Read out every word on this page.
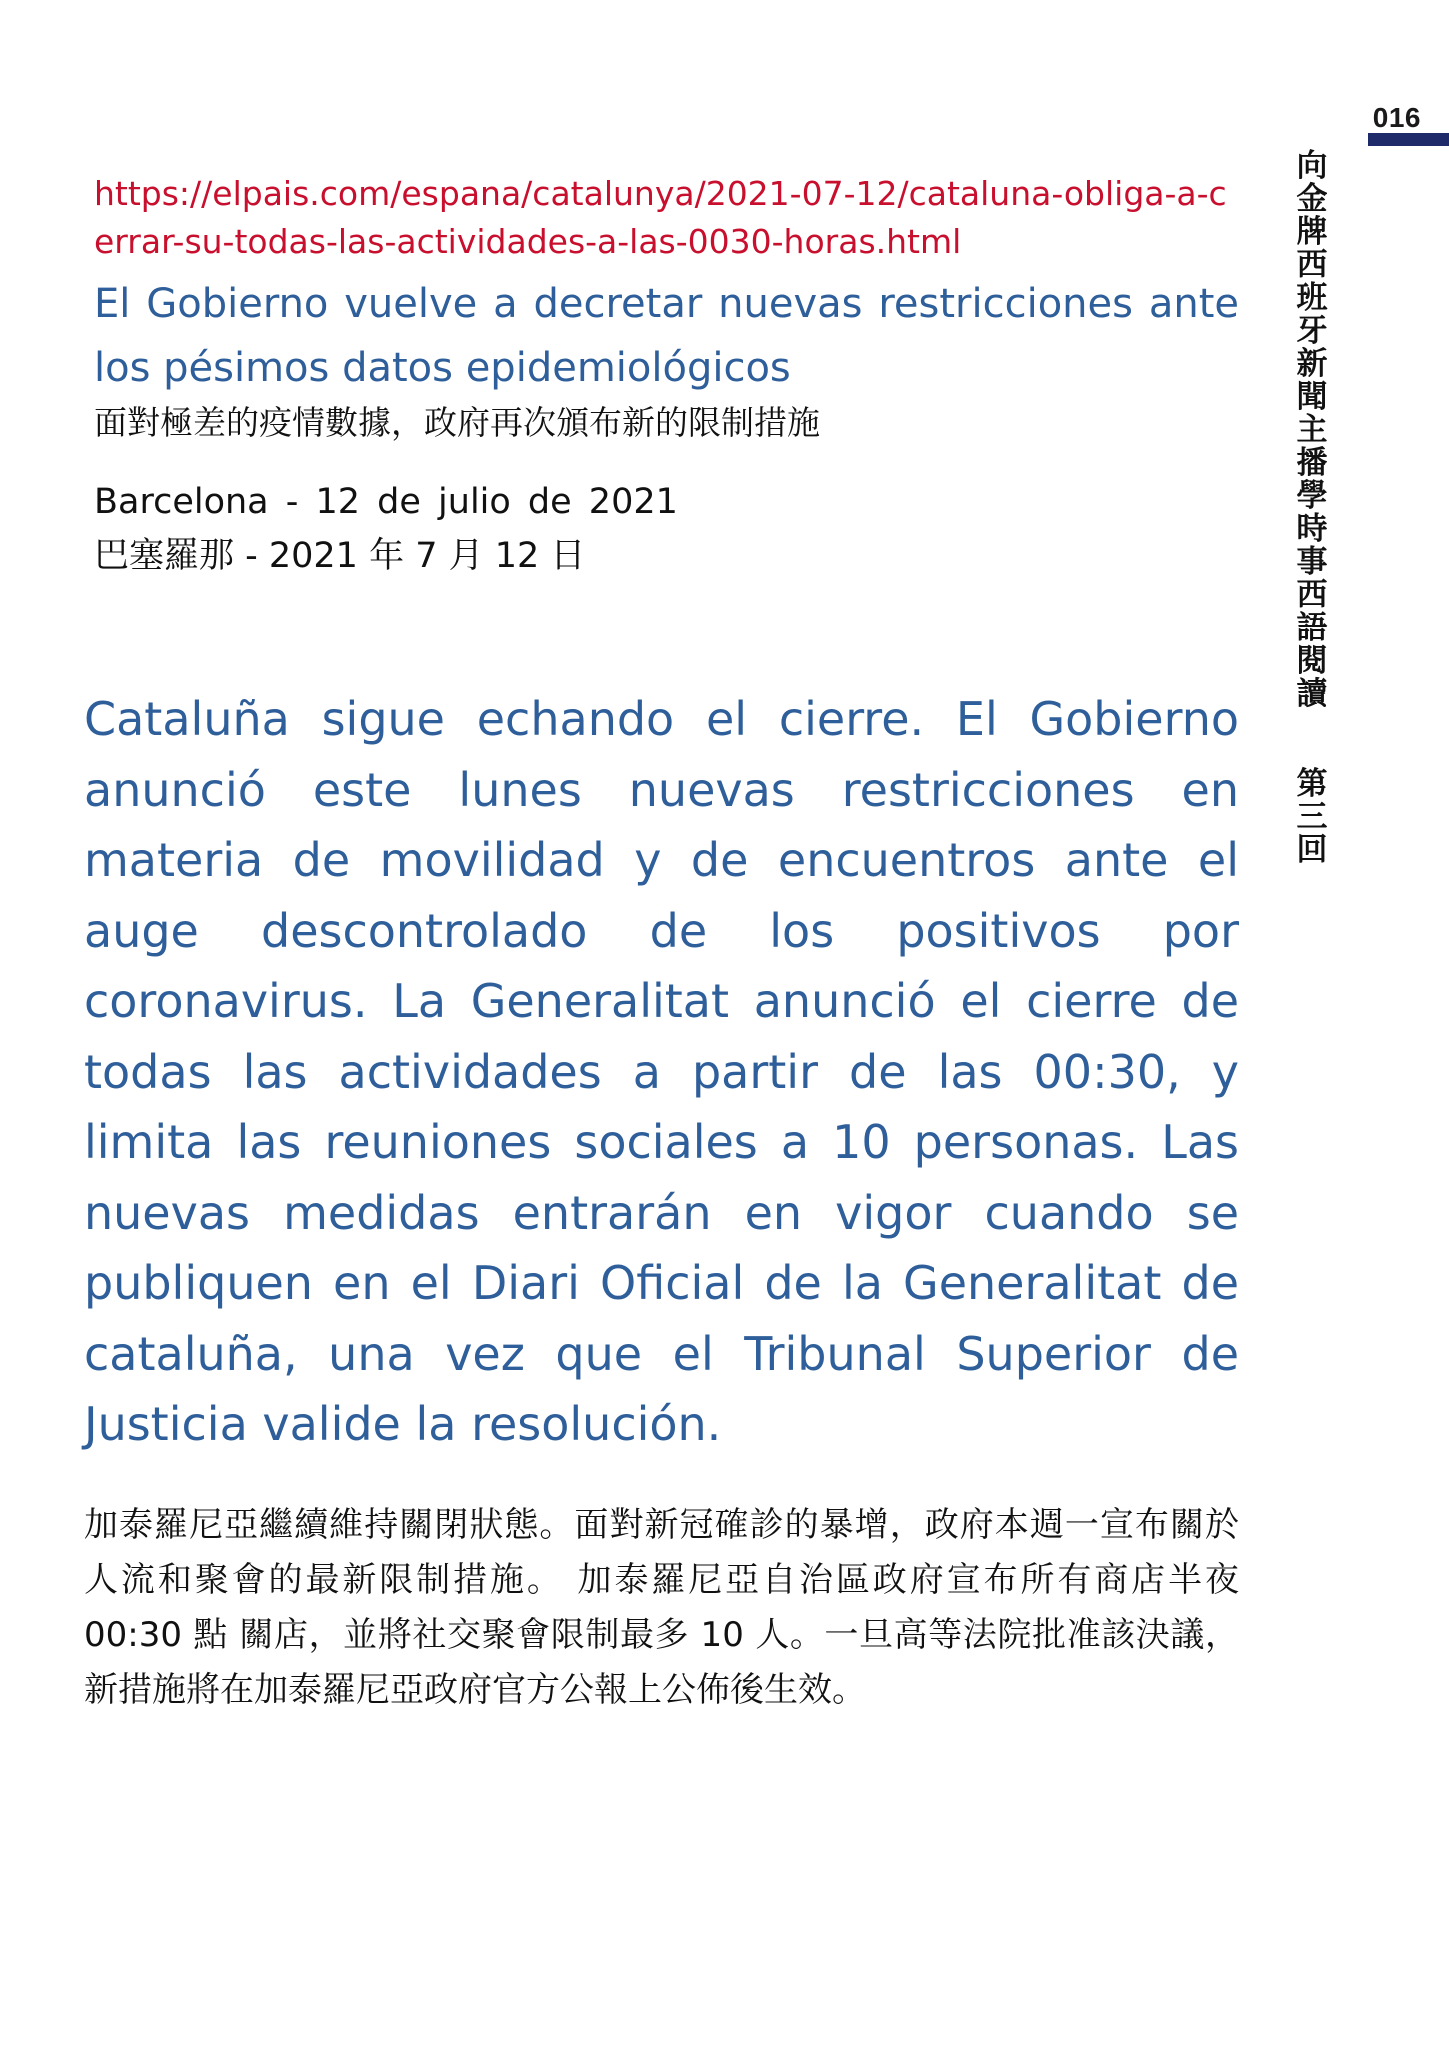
016
向金牌西班牙新聞主播學時事西語閱讀
第三回
https://elpais.com/espana/catalunya/2021-07-12/cataluna-obliga-a-cerrar-su-todas-las-actividades-a-las-0030-horas.html
El Gobierno vuelve a decretar nuevas restricciones ante los pésimos datos epidemiológicos
面對極差的疫情數據，政府再次頒布新的限制措施
Barcelona - 12 de julio de 2021
巴塞羅那 - 2021 年 7 月 12 日
Cataluña sigue echando el cierre. El Gobierno anunció este lunes nuevas restricciones en materia de movilidad y de encuentros ante el auge descontrolado de los positivos por coronavirus. La Generalitat anunció el cierre de todas las actividades a partir de las 00:30, y limita las reuniones sociales a 10 personas. Las nuevas medidas entrarán en vigor cuando se publiquen en el Diari Oficial de la Generalitat de cataluña, una vez que el Tribunal Superior de Justicia valide la resolución.
加泰羅尼亞繼續維持關閉狀態。面對新冠確診的暴增，政府本週一宣布關於人流和聚會的最新限制措施。 加泰羅尼亞自治區政府宣布所有商店半夜 00:30 點 關店，並將社交聚會限制最多 10 人。一旦高等法院批准該決議，新措施將在加泰羅尼亞政府官方公報上公佈後生效。
